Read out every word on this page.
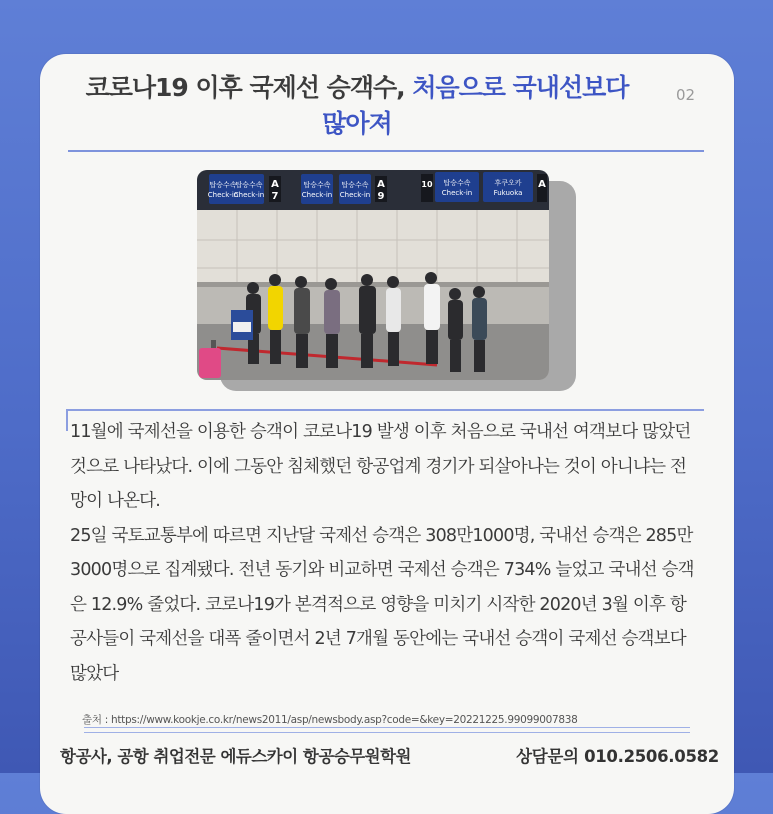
코로나19 이후 국제선 승객수, 처음으로 국내선보다
많아져
02
탑승수속
Check-in
탑승수속
Check-in
탑승수속
Check-in
탑승수속
Check-in
탑승수속
Check-in
후쿠오카
Fukuoka
A
7
A
9
10	A

11월에 국제선을 이용한 승객이 코로나19 발생 이후 처음으로 국내선 여객보다 많았던 것으로 나타났다. 이에 그동안 침체했던 항공업계 경기가 되살아나는 것이 아니냐는 전망이 나온다.

25일 국토교통부에 따르면 지난달 국제선 승객은 308만1000명, 국내선 승객은 285만3000명으로 집계됐다. 전년 동기와 비교하면 국제선 승객은 734% 늘었고 국내선 승객은 12.9% 줄었다. 코로나19가 본격적으로 영향을 미치기 시작한 2020년 3월 이후 항공사들이 국제선을 대폭 줄이면서 2년 7개월 동안에는 국내선 승객이 국제선 승객보다 많았다

출처 : https://www.kookje.co.kr/news2011/asp/newsbody.asp?code=&key=20221225.99099007838
항공사, 공항 취업전문 에듀스카이 항공승무원학원	상담문의 010.2506.0582
